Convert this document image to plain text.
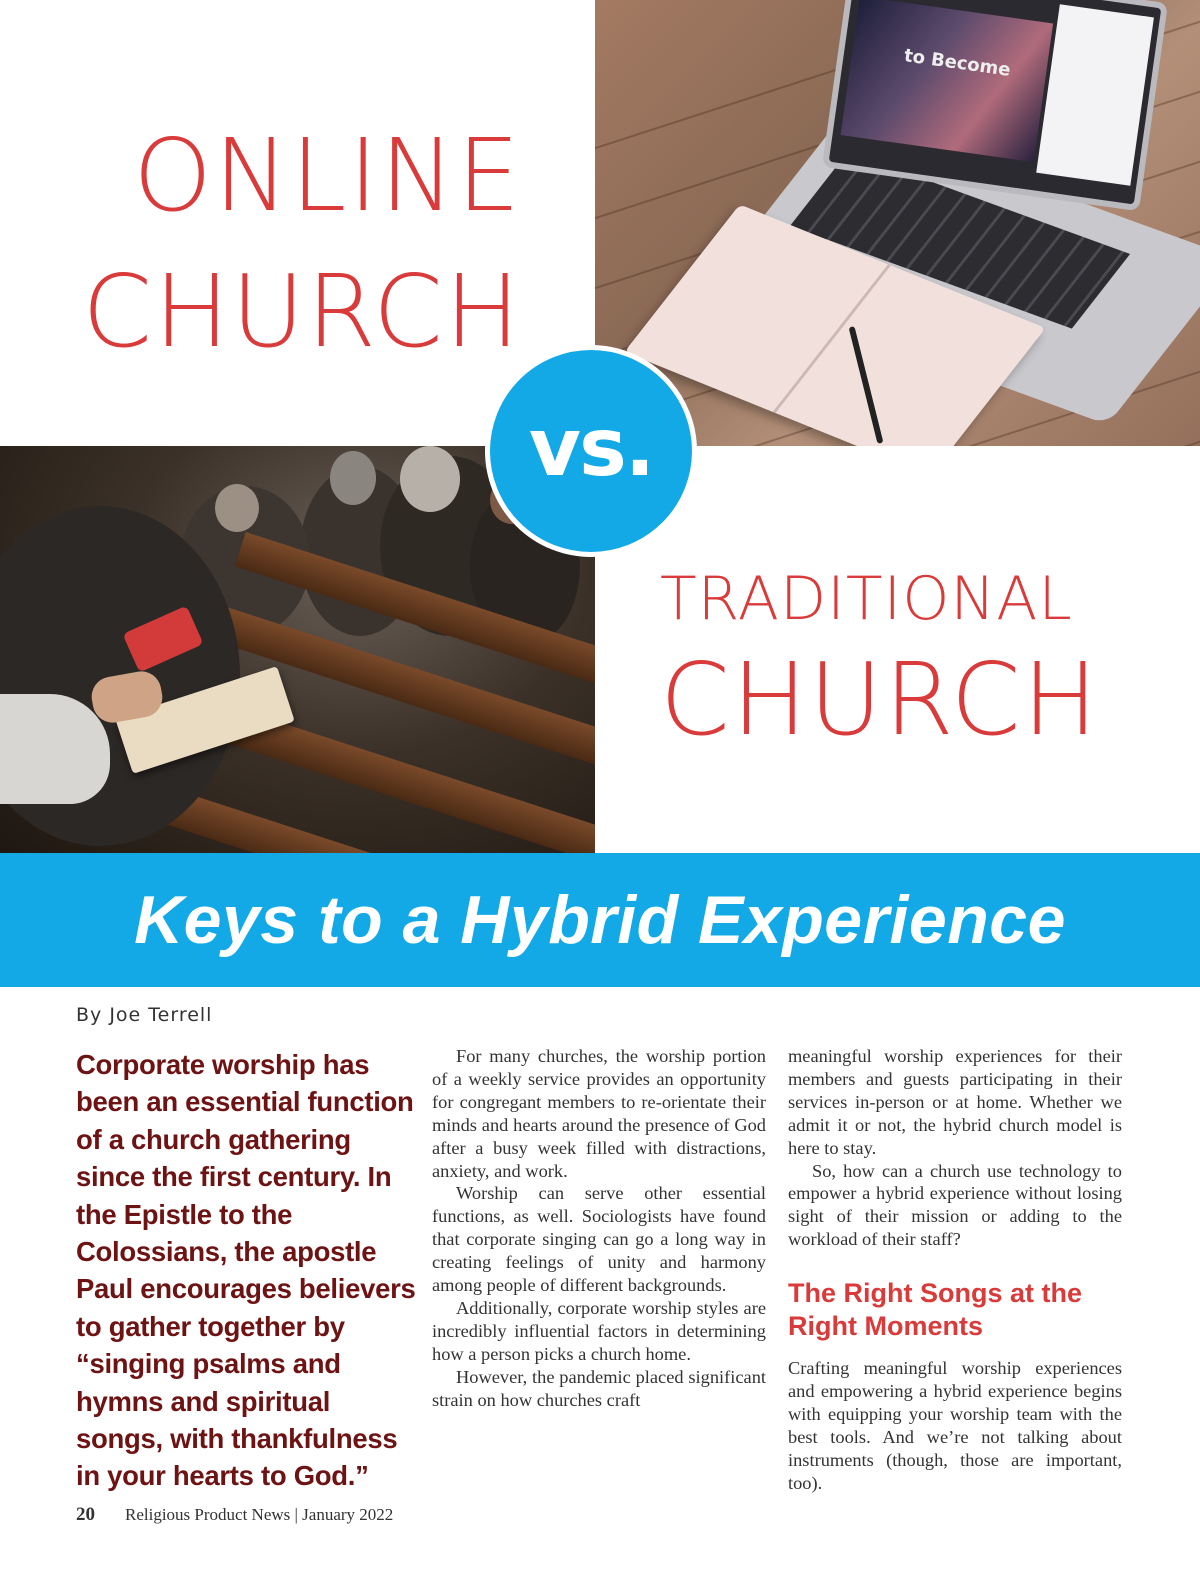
ONLINE
CHURCH
to Become
vs.
TRADITIONAL
CHURCH
Keys to a Hybrid Experience
By Joe Terrell
Corporate worship has been an essential function of a church gathering since the first century. In the Epistle to the Colossians, the apostle Paul encourages believers to gather together by “singing psalms and hymns and spiritual songs, with thankfulness in your hearts to God.”

For many churches, the worship portion of a weekly service provides an opportunity for congregant members to re-orientate their minds and hearts around the presence of God after a busy week filled with distractions, anxiety, and work.

Worship can serve other essential functions, as well. Sociologists have found that corporate singing can go a long way in creating feelings of unity and harmony among people of different backgrounds.

Additionally, corporate worship styles are incredibly influential factors in determining how a person picks a church home.

However, the pandemic placed significant strain on how churches craft

meaningful worship experiences for their members and guests participating in their services in-person or at home. Whether we admit it or not, the hybrid church model is here to stay.

So, how can a church use technology to empower a hybrid experience without losing sight of their mission or adding to the workload of their staff?

The Right Songs at the Right Moments

Crafting meaningful worship experiences and empowering a hybrid experience begins with equipping your worship team with the best tools. And we’re not talking about instruments (though, those are important, too).

20 Religious Product News | January 2022
